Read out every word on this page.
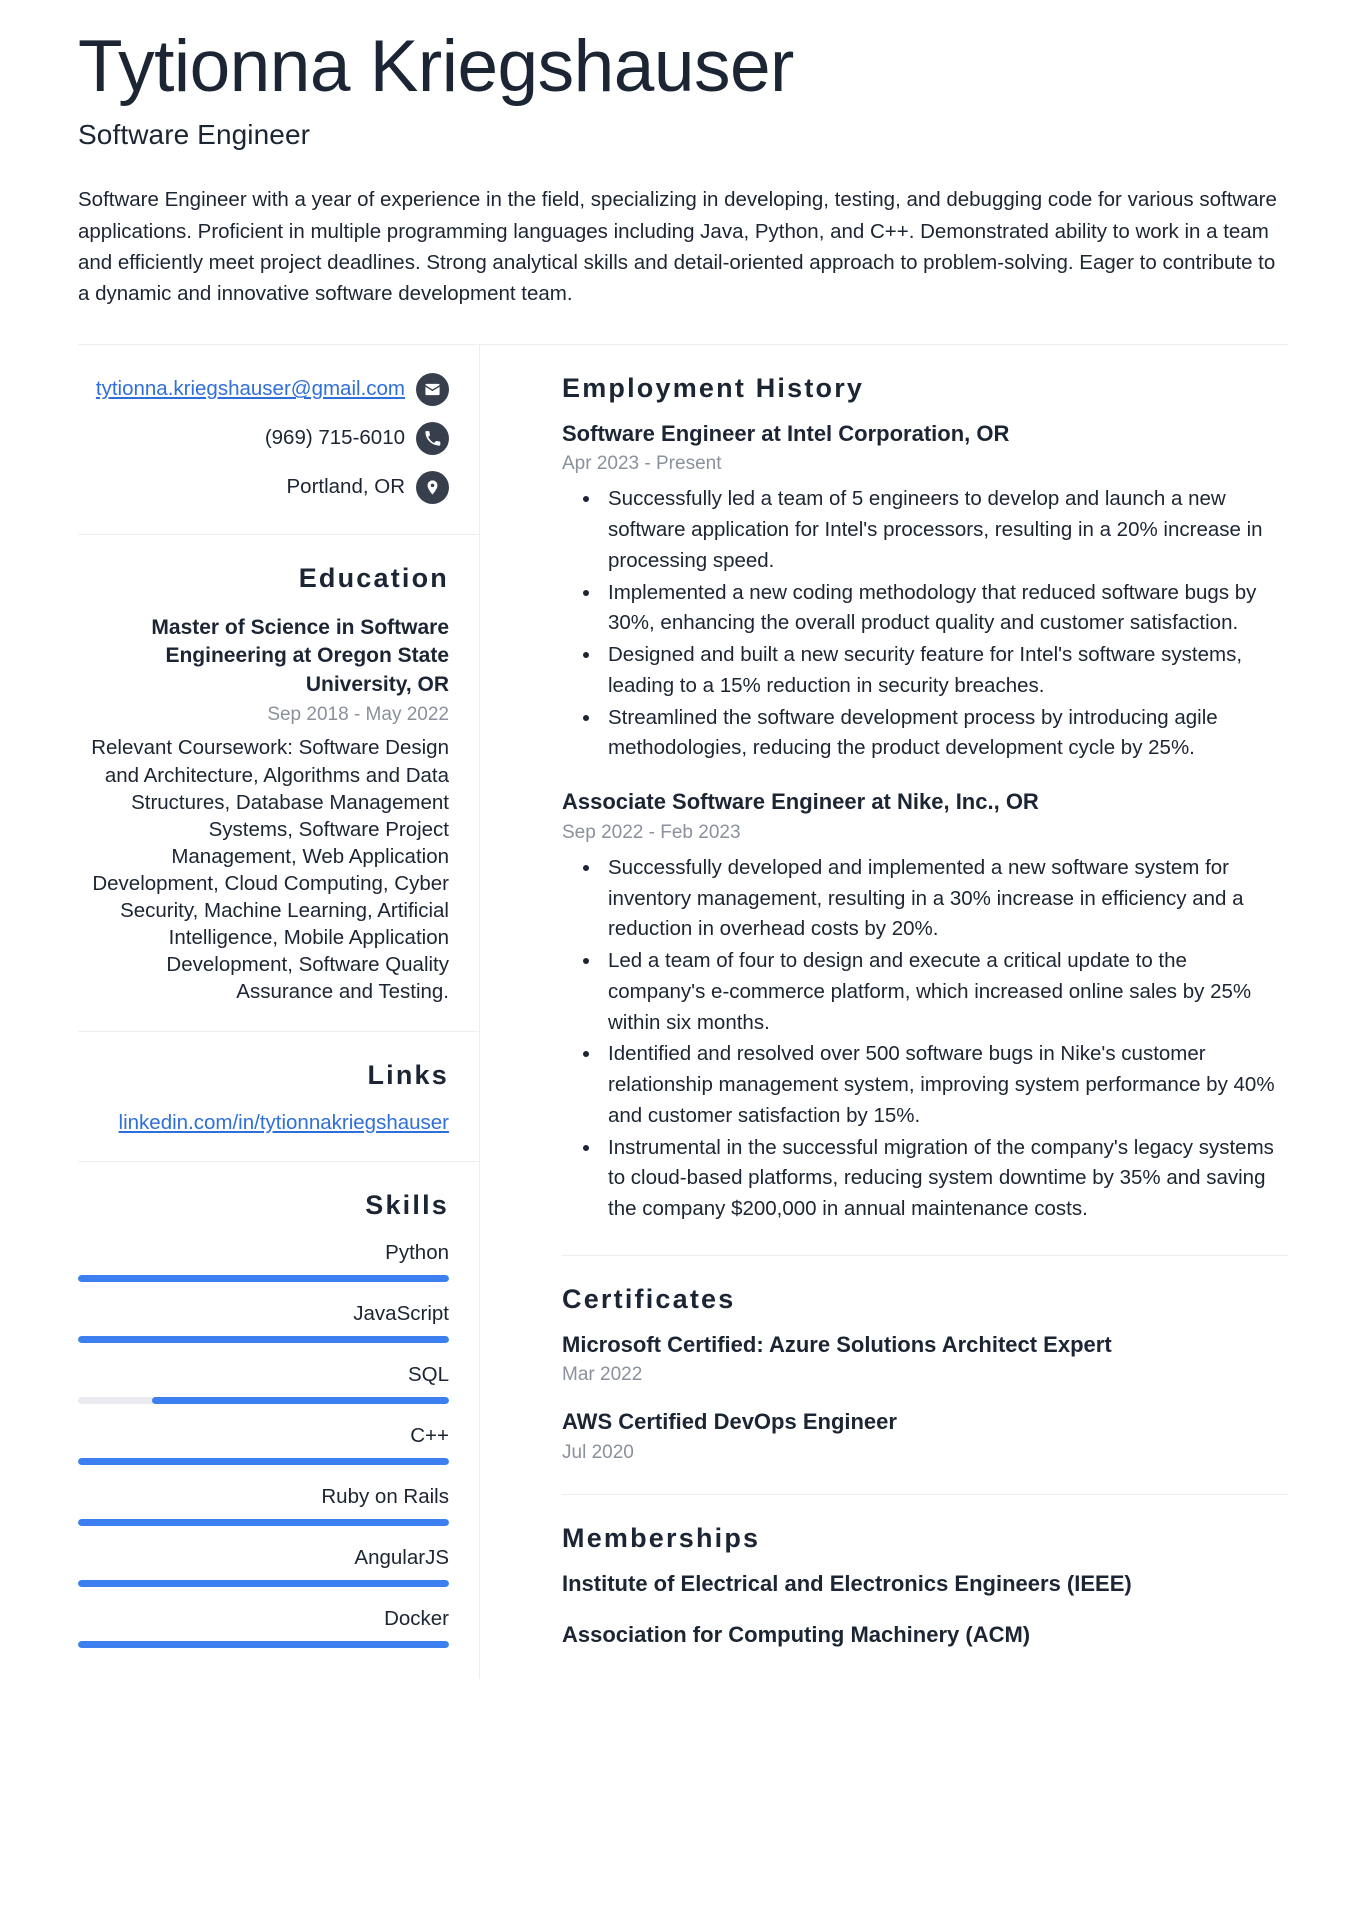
Tytionna Kriegshauser
Software Engineer

Software Engineer with a year of experience in the field, specializing in developing, testing, and debugging code for various software applications. Proficient in multiple programming languages including Java, Python, and C++. Demonstrated ability to work in a team and efficiently meet project deadlines. Strong analytical skills and detail-oriented approach to problem-solving. Eager to contribute to a dynamic and innovative software development team.

tytionna.kriegshauser@gmail.com
(969) 715-6010
Portland, OR
Education
Master of Science in Software Engineering at Oregon State University, OR
Sep 2018 - May 2022
Relevant Coursework: Software Design and Architecture, Algorithms and Data Structures, Database Management Systems, Software Project Management, Web Application Development, Cloud Computing, Cyber Security, Machine Learning, Artificial Intelligence, Mobile Application Development, Software Quality Assurance and Testing.
Links
linkedin.com/in/tytionnakriegshauser
Skills
Python
JavaScript
SQL
C++
Ruby on Rails
AngularJS
Docker
Employment History
Software Engineer at Intel Corporation, OR
Apr 2023 - Present
• Successfully led a team of 5 engineers to develop and launch a new software application for Intel's processors, resulting in a 20% increase in processing speed.
• Implemented a new coding methodology that reduced software bugs by 30%, enhancing the overall product quality and customer satisfaction.
• Designed and built a new security feature for Intel's software systems, leading to a 15% reduction in security breaches.
• Streamlined the software development process by introducing agile methodologies, reducing the product development cycle by 25%.
Associate Software Engineer at Nike, Inc., OR
Sep 2022 - Feb 2023
• Successfully developed and implemented a new software system for inventory management, resulting in a 30% increase in efficiency and a reduction in overhead costs by 20%.
• Led a team of four to design and execute a critical update to the company's e-commerce platform, which increased online sales by 25% within six months.
• Identified and resolved over 500 software bugs in Nike's customer relationship management system, improving system performance by 40% and customer satisfaction by 15%.
• Instrumental in the successful migration of the company's legacy systems to cloud-based platforms, reducing system downtime by 35% and saving the company $200,000 in annual maintenance costs.
Certificates
Microsoft Certified: Azure Solutions Architect Expert
Mar 2022
AWS Certified DevOps Engineer
Jul 2020
Memberships
Institute of Electrical and Electronics Engineers (IEEE)
Association for Computing Machinery (ACM)
